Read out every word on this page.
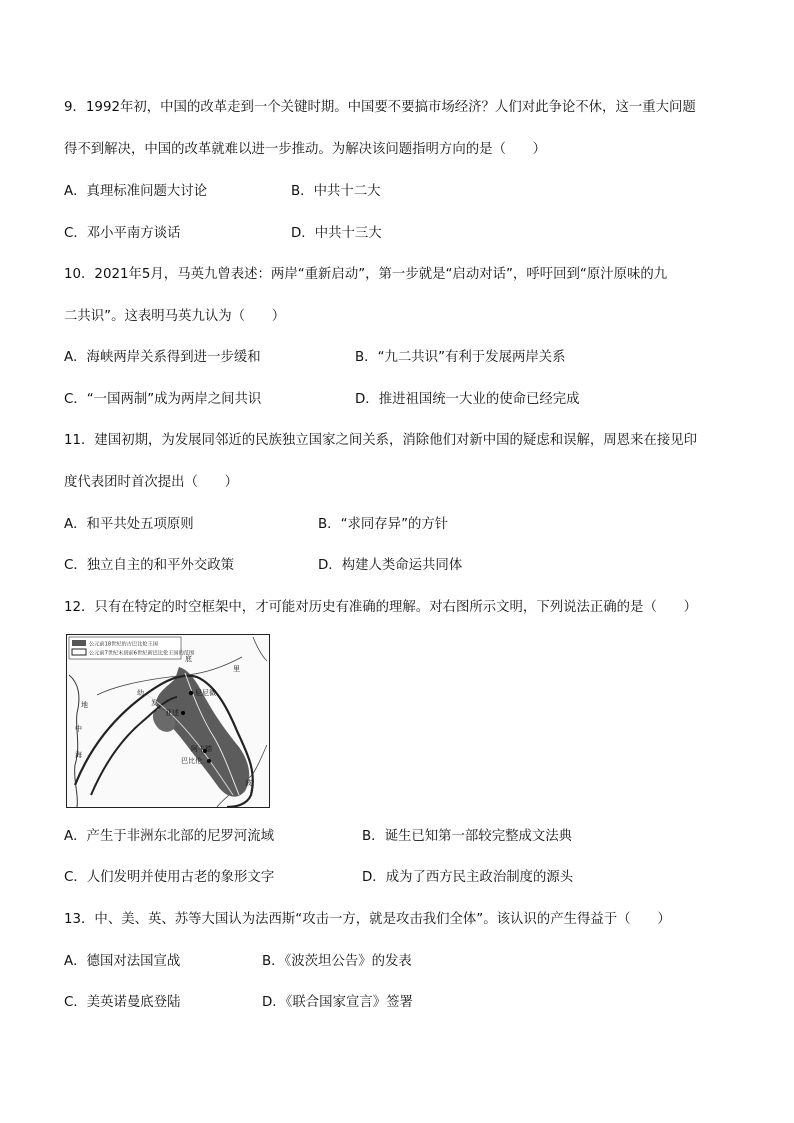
9．1992年初，中国的改革走到一个关键时期。中国要不要搞市场经济？人们对此争论不休，这一重大问题
得不到解决，中国的改革就难以进一步推动。为解决该问题指明方向的是（　　）
A．真理标准问题大讨论	B．中共十二大
C．邓小平南方谈话	D．中共十三大
10．2021年5月，马英九曾表述：两岸“重新启动”，第一步就是“启动对话”，呼吁回到“原汁原味的九
二共识”。这表明马英九认为（　　）
A．海峡两岸关系得到进一步缓和	B．“九二共识”有利于发展两岸关系
C．“一国两制”成为两岸之间共识	D．推进祖国统一大业的使命已经完成
11．建国初期，为发展同邻近的民族独立国家之间关系，消除他们对新中国的疑虑和误解，周恩来在接见印
度代表团时首次提出（　　）
A．和平共处五项原则	B．“求同存异”的方针
C．独立自主的和平外交政策	D．构建人类命运共同体
12．只有在特定的时空框架中，才可能对历史有准确的理解。对右图所示文明，下列说法正确的是（　　）
公元前18世纪的古巴比伦王国
公元前7世纪末到前6世纪新巴比伦王国的范围
尼尼微
亚述
阿卡德
巴比伦
地
中
海
幼
发
底
波
里
A．产生于非洲东北部的尼罗河流域	B．诞生已知第一部较完整成文法典
C．人们发明并使用古老的象形文字	D．成为了西方民主政治制度的源头
13．中、美、英、苏等大国认为法西斯“攻击一方，就是攻击我们全体”。该认识的产生得益于（　　）
A．德国对法国宣战	B．《波茨坦公告》的发表
C．美英诺曼底登陆	D．《联合国家宣言》签署
